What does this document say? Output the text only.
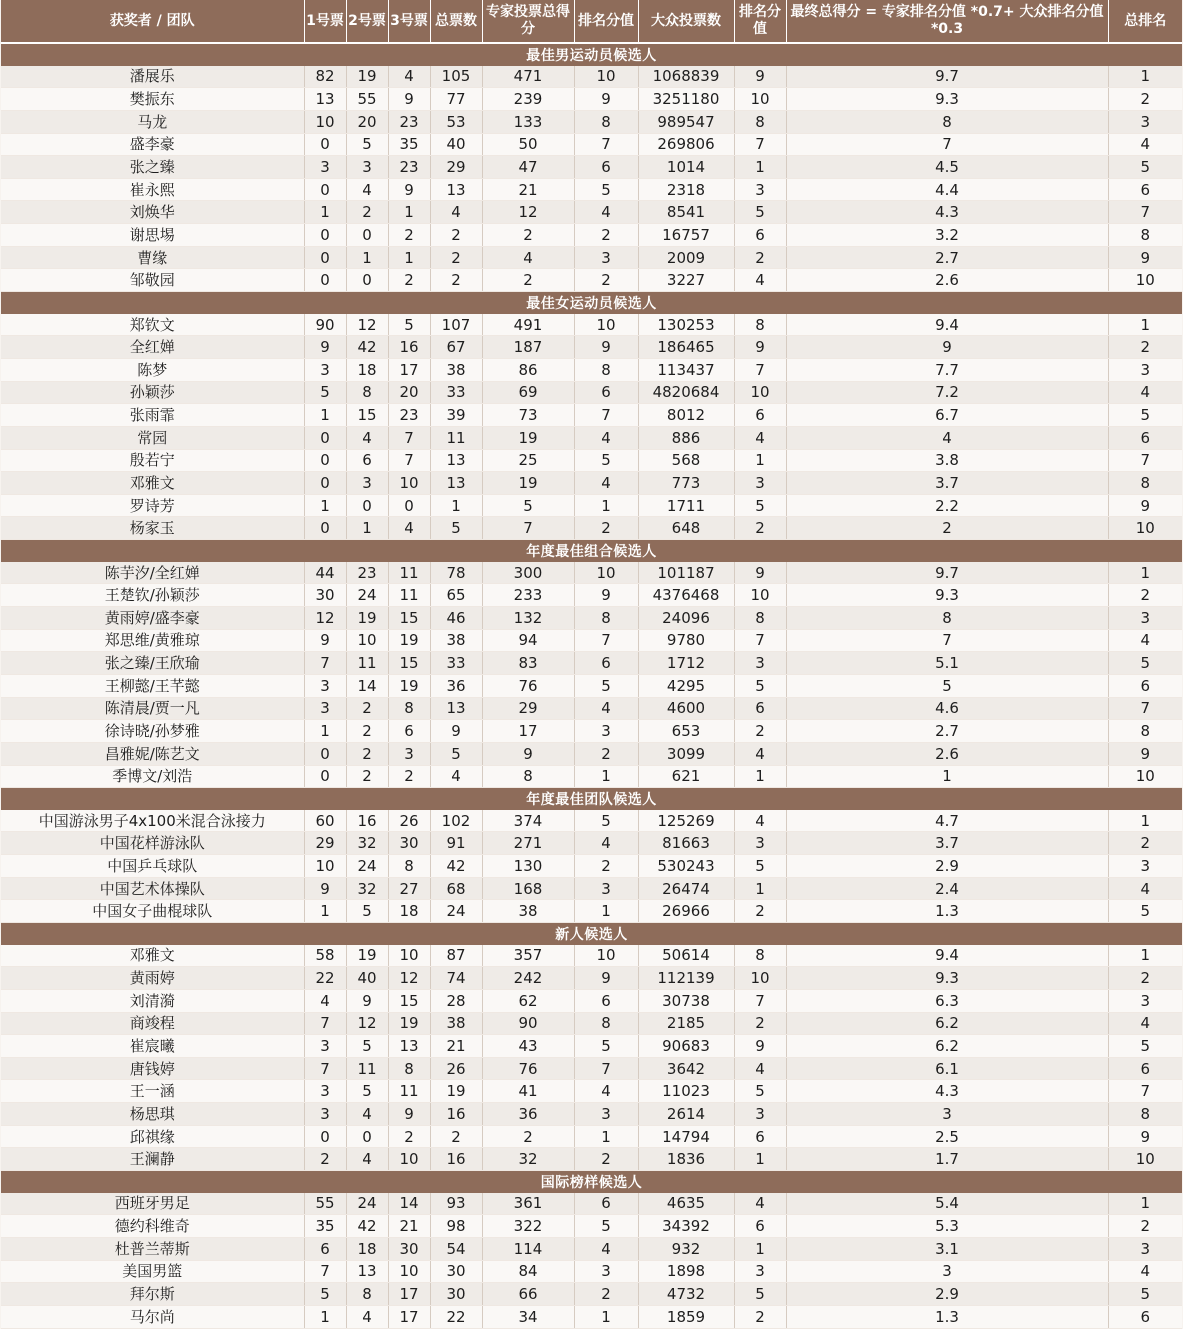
获奖者 / 团队	1号票	2号票	3号票	总票数	专家投票总得分	排名分值	大众投票数	排名分值	最终总得分 = 专家排名分值 *0.7+ 大众排名分值 *0.3	总排名
最佳男运动员候选人										
潘展乐	82	19	4	105	471	10	1068839	9	9.7	1
樊振东	13	55	9	77	239	9	3251180	10	9.3	2
马龙	10	20	23	53	133	8	989547	8	8	3
盛李豪	0	5	35	40	50	7	269806	7	7	4
张之臻	3	3	23	29	47	6	1014	1	4.5	5
崔永熙	0	4	9	13	21	5	2318	3	4.4	6
刘焕华	1	2	1	4	12	4	8541	5	4.3	7
谢思埸	0	0	2	2	2	2	16757	6	3.2	8
曹缘	0	1	1	2	4	3	2009	2	2.7	9
邹敬园	0	0	2	2	2	2	3227	4	2.6	10
最佳女运动员候选人										
郑钦文	90	12	5	107	491	10	130253	8	9.4	1
全红婵	9	42	16	67	187	9	186465	9	9	2
陈梦	3	18	17	38	86	8	113437	7	7.7	3
孙颖莎	5	8	20	33	69	6	4820684	10	7.2	4
张雨霏	1	15	23	39	73	7	8012	6	6.7	5
常园	0	4	7	11	19	4	886	4	4	6
殷若宁	0	6	7	13	25	5	568	1	3.8	7
邓雅文	0	3	10	13	19	4	773	3	3.7	8
罗诗芳	1	0	0	1	5	1	1711	5	2.2	9
杨家玉	0	1	4	5	7	2	648	2	2	10
年度最佳组合候选人										
陈芋汐/全红婵	44	23	11	78	300	10	101187	9	9.7	1
王楚钦/孙颖莎	30	24	11	65	233	9	4376468	10	9.3	2
黄雨婷/盛李豪	12	19	15	46	132	8	24096	8	8	3
郑思维/黄雅琼	9	10	19	38	94	7	9780	7	7	4
张之臻/王欣瑜	7	11	15	33	83	6	1712	3	5.1	5
王柳懿/王芊懿	3	14	19	36	76	5	4295	5	5	6
陈清晨/贾一凡	3	2	8	13	29	4	4600	6	4.6	7
徐诗晓/孙梦雅	1	2	6	9	17	3	653	2	2.7	8
昌雅妮/陈艺文	0	2	3	5	9	2	3099	4	2.6	9
季博文/刘浩	0	2	2	4	8	1	621	1	1	10
年度最佳团队候选人										
中国游泳男子4x100米混合泳接力	60	16	26	102	374	5	125269	4	4.7	1
中国花样游泳队	29	32	30	91	271	4	81663	3	3.7	2
中国乒乓球队	10	24	8	42	130	2	530243	5	2.9	3
中国艺术体操队	9	32	27	68	168	3	26474	1	2.4	4
中国女子曲棍球队	1	5	18	24	38	1	26966	2	1.3	5
新人候选人										
邓雅文	58	19	10	87	357	10	50614	8	9.4	1
黄雨婷	22	40	12	74	242	9	112139	10	9.3	2
刘清漪	4	9	15	28	62	6	30738	7	6.3	3
商竣程	7	12	19	38	90	8	2185	2	6.2	4
崔宸曦	3	5	13	21	43	5	90683	9	6.2	5
唐钱婷	7	11	8	26	76	7	3642	4	6.1	6
王一涵	3	5	11	19	41	4	11023	5	4.3	7
杨思琪	3	4	9	16	36	3	2614	3	3	8
邱祺缘	0	0	2	2	2	1	14794	6	2.5	9
王澜静	2	4	10	16	32	2	1836	1	1.7	10
国际榜样候选人										
西班牙男足	55	24	14	93	361	6	4635	4	5.4	1
德约科维奇	35	42	21	98	322	5	34392	6	5.3	2
杜普兰蒂斯	6	18	30	54	114	4	932	1	3.1	3
美国男篮	7	13	10	30	84	3	1898	3	3	4
拜尔斯	5	8	17	30	66	2	4732	5	2.9	5
马尔尚	1	4	17	22	34	1	1859	2	1.3	6
